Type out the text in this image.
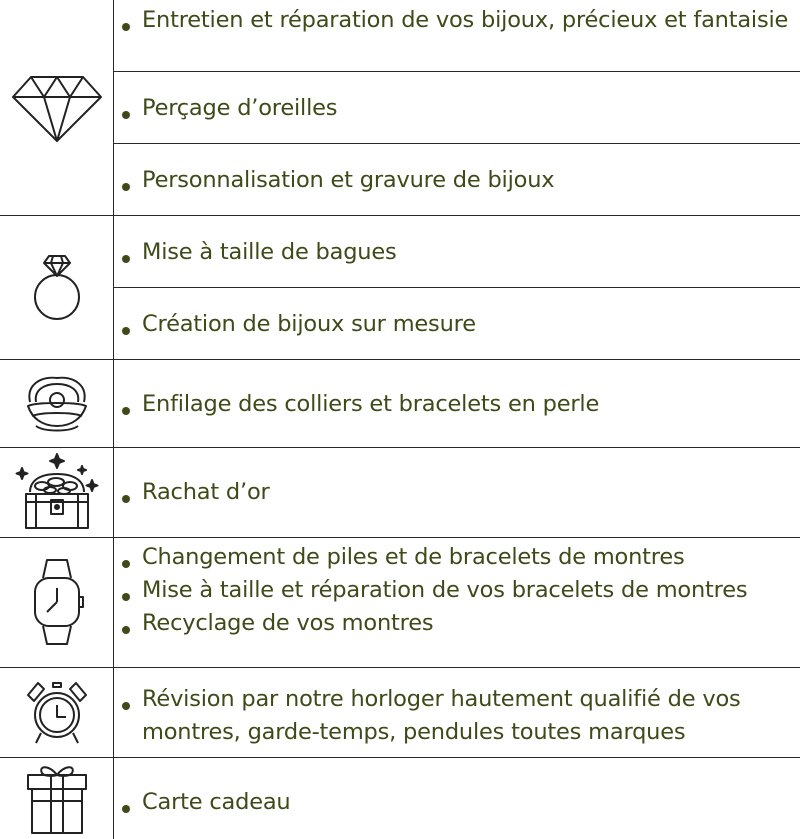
Entretien et réparation de vos bijoux, précieux et fantaisie
Perçage d’oreilles
Personnalisation et gravure de bijoux
Mise à taille de bagues
Création de bijoux sur mesure
Enfilage des colliers et bracelets en perle
Rachat d’or
Changement de piles et de bracelets de montres
Mise à taille et réparation de vos bracelets de montres
Recyclage de vos montres
Révision par notre horloger hautement qualifié de vos montres, garde-temps, pendules toutes marques
Carte cadeau
